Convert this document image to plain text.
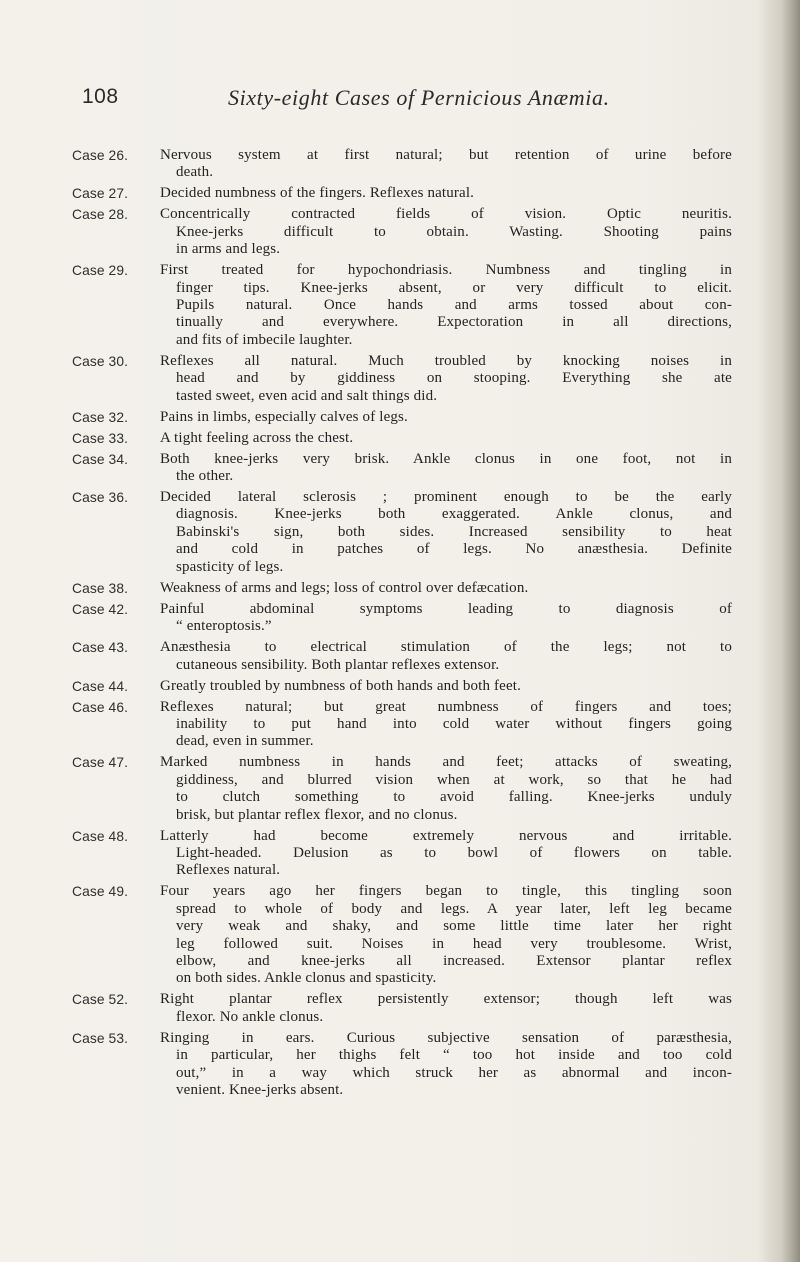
108	Sixty-eight Cases of Pernicious Anæmia.
Case 26.	Nervous system at first natural; but retention of urine before
death.
Case 27.	Decided numbness of the fingers. Reflexes natural.
Case 28.	Concentrically contracted fields of vision. Optic neuritis.
Knee-jerks difficult to obtain. Wasting. Shooting pains
in arms and legs.
Case 29.	First treated for hypochondriasis. Numbness and tingling in
finger tips. Knee-jerks absent, or very difficult to elicit.
Pupils natural. Once hands and arms tossed about con-
tinually and everywhere. Expectoration in all directions,
and fits of imbecile laughter.
Case 30.	Reflexes all natural. Much troubled by knocking noises in
head and by giddiness on stooping. Everything she ate
tasted sweet, even acid and salt things did.
Case 32.	Pains in limbs, especially calves of legs.
Case 33.	A tight feeling across the chest.
Case 34.	Both knee-jerks very brisk. Ankle clonus in one foot, not in
the other.
Case 36.	Decided lateral sclerosis ; prominent enough to be the early
diagnosis. Knee-jerks both exaggerated. Ankle clonus, and
Babinski's sign, both sides. Increased sensibility to heat
and cold in patches of legs. No anæsthesia. Definite
spasticity of legs.
Case 38.	Weakness of arms and legs; loss of control over defæcation.
Case 42.	Painful abdominal symptoms leading to diagnosis of
“ enteroptosis.”
Case 43.	Anæsthesia to electrical stimulation of the legs; not to
cutaneous sensibility. Both plantar reflexes extensor.
Case 44.	Greatly troubled by numbness of both hands and both feet.
Case 46.	Reflexes natural; but great numbness of fingers and toes;
inability to put hand into cold water without fingers going
dead, even in summer.
Case 47.	Marked numbness in hands and feet; attacks of sweating,
giddiness, and blurred vision when at work, so that he had
to clutch something to avoid falling. Knee-jerks unduly
brisk, but plantar reflex flexor, and no clonus.
Case 48.	Latterly had become extremely nervous and irritable.
Light-headed. Delusion as to bowl of flowers on table.
Reflexes natural.
Case 49.	Four years ago her fingers began to tingle, this tingling soon
spread to whole of body and legs. A year later, left leg became
very weak and shaky, and some little time later her right
leg followed suit. Noises in head very troublesome. Wrist,
elbow, and knee-jerks all increased. Extensor plantar reflex
on both sides. Ankle clonus and spasticity.
Case 52.	Right plantar reflex persistently extensor; though left was
flexor. No ankle clonus.
Case 53.	Ringing in ears. Curious subjective sensation of paræsthesia,
in particular, her thighs felt “ too hot inside and too cold
out,” in a way which struck her as abnormal and incon-
venient. Knee-jerks absent.
